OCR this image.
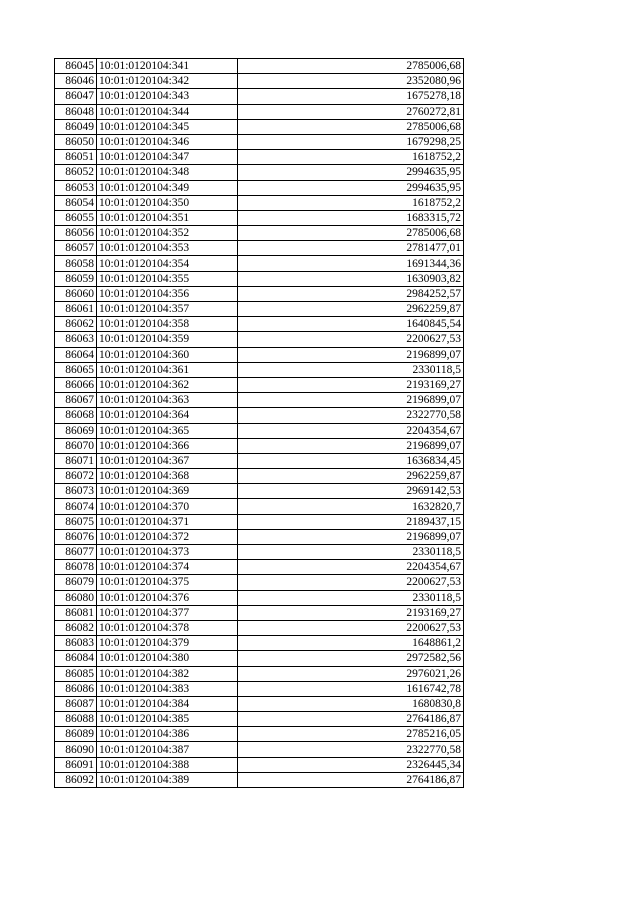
86045	10:01:0120104:341	2785006,68
86046	10:01:0120104:342	2352080,96
86047	10:01:0120104:343	1675278,18
86048	10:01:0120104:344	2760272,81
86049	10:01:0120104:345	2785006,68
86050	10:01:0120104:346	1679298,25
86051	10:01:0120104:347	1618752,2
86052	10:01:0120104:348	2994635,95
86053	10:01:0120104:349	2994635,95
86054	10:01:0120104:350	1618752,2
86055	10:01:0120104:351	1683315,72
86056	10:01:0120104:352	2785006,68
86057	10:01:0120104:353	2781477,01
86058	10:01:0120104:354	1691344,36
86059	10:01:0120104:355	1630903,82
86060	10:01:0120104:356	2984252,57
86061	10:01:0120104:357	2962259,87
86062	10:01:0120104:358	1640845,54
86063	10:01:0120104:359	2200627,53
86064	10:01:0120104:360	2196899,07
86065	10:01:0120104:361	2330118,5
86066	10:01:0120104:362	2193169,27
86067	10:01:0120104:363	2196899,07
86068	10:01:0120104:364	2322770,58
86069	10:01:0120104:365	2204354,67
86070	10:01:0120104:366	2196899,07
86071	10:01:0120104:367	1636834,45
86072	10:01:0120104:368	2962259,87
86073	10:01:0120104:369	2969142,53
86074	10:01:0120104:370	1632820,7
86075	10:01:0120104:371	2189437,15
86076	10:01:0120104:372	2196899,07
86077	10:01:0120104:373	2330118,5
86078	10:01:0120104:374	2204354,67
86079	10:01:0120104:375	2200627,53
86080	10:01:0120104:376	2330118,5
86081	10:01:0120104:377	2193169,27
86082	10:01:0120104:378	2200627,53
86083	10:01:0120104:379	1648861,2
86084	10:01:0120104:380	2972582,56
86085	10:01:0120104:382	2976021,26
86086	10:01:0120104:383	1616742,78
86087	10:01:0120104:384	1680830,8
86088	10:01:0120104:385	2764186,87
86089	10:01:0120104:386	2785216,05
86090	10:01:0120104:387	2322770,58
86091	10:01:0120104:388	2326445,34
86092	10:01:0120104:389	2764186,87
